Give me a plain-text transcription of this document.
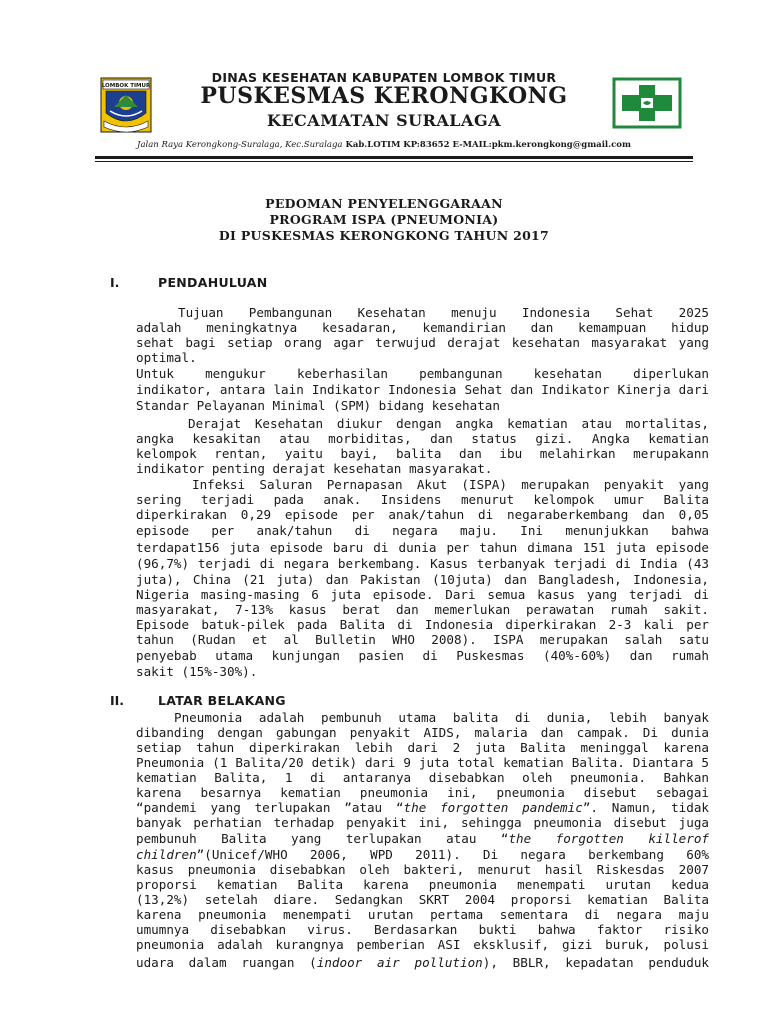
LOMBOK TIMUR
DINAS KESEHATAN KABUPATEN LOMBOK TIMUR
PUSKESMAS KERONGKONG
KECAMATAN SURALAGA
Jalan Raya Kerongkong-Suralaga, Kec.Suralaga Kab.LOTIM KP:83652 E-MAIL:pkm.kerongkong@gmail.com
PEDOMAN PENYELENGGARAAN
PROGRAM ISPA (PNEUMONIA)
DI PUSKESMAS KERONGKONG TAHUN 2017
I.	PENDAHULUAN
Tujuan Pembangunan Kesehatan menuju Indonesia Sehat 2025
adalah meningkatnya kesadaran, kemandirian dan kemampuan hidup
sehat bagi setiap orang agar terwujud derajat kesehatan masyarakat yang
optimal.
Untuk mengukur keberhasilan pembangunan kesehatan diperlukan
indikator, antara lain Indikator Indonesia Sehat dan Indikator Kinerja dari
Standar Pelayanan Minimal (SPM) bidang kesehatan
Derajat Kesehatan diukur dengan angka kematian atau mortalitas,
angka kesakitan atau morbiditas, dan status gizi. Angka kematian
kelompok rentan, yaitu bayi, balita dan ibu melahirkan merupakann
indikator penting derajat kesehatan masyarakat.
Infeksi Saluran Pernapasan Akut (ISPA) merupakan penyakit yang
sering terjadi pada anak. Insidens menurut kelompok umur Balita
diperkirakan 0,29 episode per anak/tahun di negaraberkembang dan 0,05
episode per anak/tahun di negara maju. Ini menunjukkan bahwa
terdapat156 juta episode baru di dunia per tahun dimana 151 juta episode
(96,7%) terjadi di negara berkembang. Kasus terbanyak terjadi di India (43
juta), China (21 juta) dan Pakistan (10juta) dan Bangladesh, Indonesia,
Nigeria masing-masing 6 juta episode. Dari semua kasus yang terjadi di
masyarakat, 7-13% kasus berat dan memerlukan perawatan rumah sakit.
Episode batuk-pilek pada Balita di Indonesia diperkirakan 2-3 kali per
tahun (Rudan et al Bulletin WHO 2008). ISPA merupakan salah satu
penyebab utama kunjungan pasien di Puskesmas (40%-60%) dan rumah
sakit (15%-30%).
II.	LATAR BELAKANG
Pneumonia adalah pembunuh utama balita di dunia, lebih banyak
dibanding dengan gabungan penyakit AIDS, malaria dan campak. Di dunia
setiap tahun diperkirakan lebih dari 2 juta Balita meninggal karena
Pneumonia (1 Balita/20 detik) dari 9 juta total kematian Balita. Diantara 5
kematian Balita, 1 di antaranya disebabkan oleh pneumonia. Bahkan
karena besarnya kematian pneumonia ini, pneumonia disebut sebagai
“pandemi yang terlupakan ”atau “the forgotten pandemic”. Namun, tidak
banyak perhatian terhadap penyakit ini, sehingga pneumonia disebut juga
pembunuh Balita yang terlupakan atau “the forgotten killerof
children”(Unicef/WHO 2006, WPD 2011). Di negara berkembang 60%
kasus pneumonia disebabkan oleh bakteri, menurut hasil Riskesdas 2007
proporsi kematian Balita karena pneumonia menempati urutan kedua
(13,2%) setelah diare. Sedangkan SKRT 2004 proporsi kematian Balita
karena pneumonia menempati urutan pertama sementara di negara maju
umumnya disebabkan virus. Berdasarkan bukti bahwa faktor risiko
pneumonia adalah kurangnya pemberian ASI eksklusif, gizi buruk, polusi
udara dalam ruangan (indoor air pollution), BBLR, kepadatan penduduk
